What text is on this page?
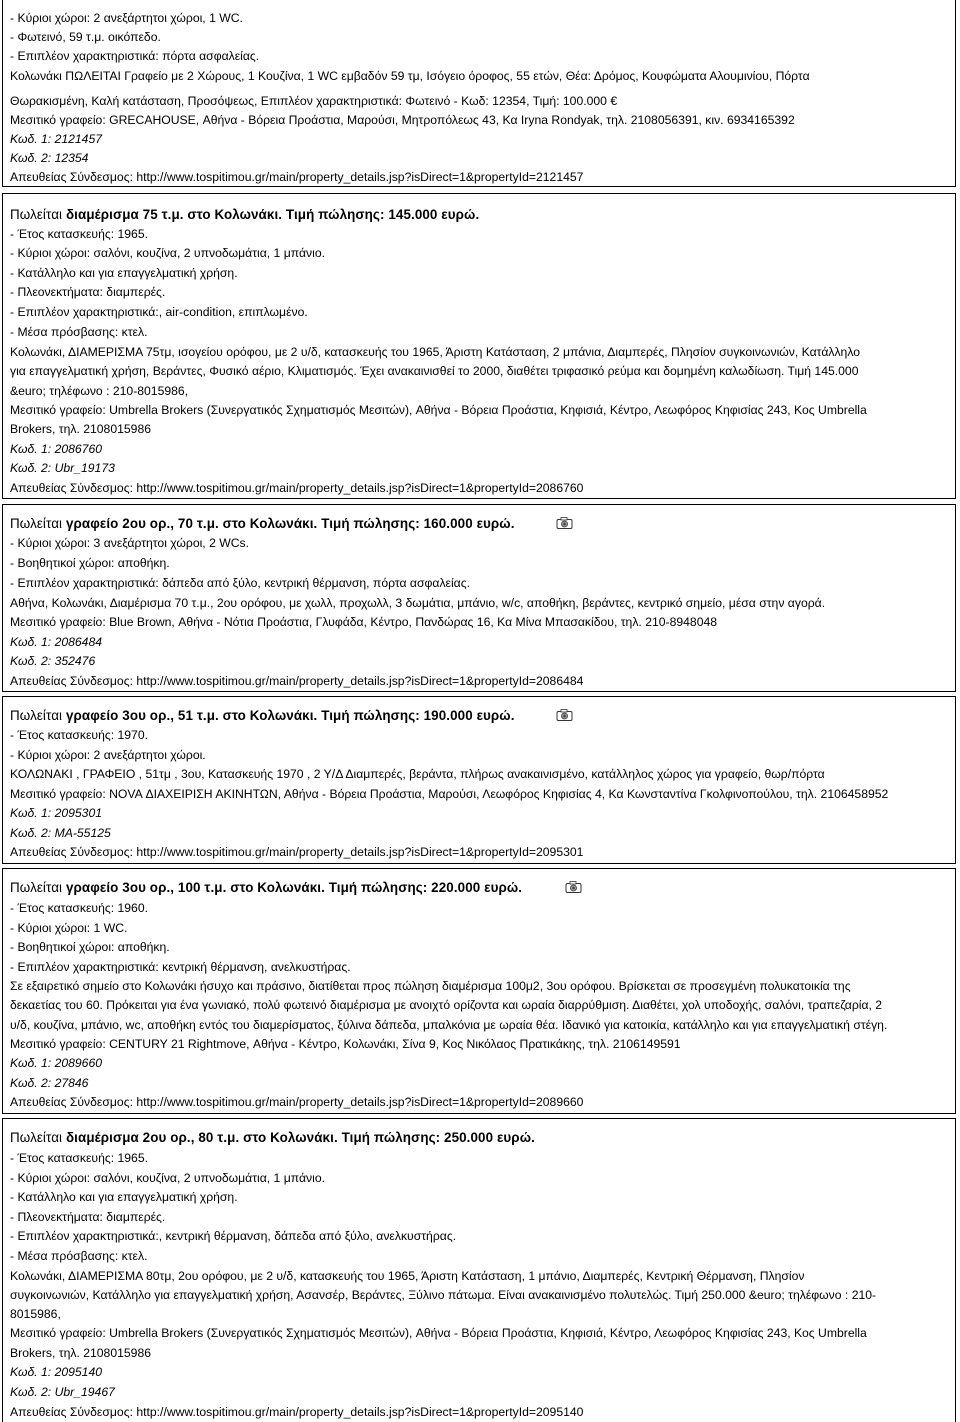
- Κύριοι χώροι: 2 ανεξάρτητοι χώροι, 1 WC.
- Φωτεινό, 59 τ.μ. οικόπεδο.
- Επιπλέον χαρακτηριστικά: πόρτα ασφαλείας.
Κολωνάκι ΠΩΛΕΙΤΑΙ Γραφείο με 2 Χώρους, 1 Κουζίνα, 1 WC εμβαδόν 59 τμ, Ισόγειο όροφος, 55 ετών, Θέα: Δρόμος, Κουφώματα Αλουμινίου, Πόρτα
Θωρακισμένη, Καλή κατάσταση, Προσόψεως, Επιπλέον χαρακτηριστικά: Φωτεινό - Κωδ: 12354, Τιμή: 100.000 €
Μεσιτικό γραφείο: GRECAHOUSE, Αθήνα - Βόρεια Προάστια, Μαρούσι, Μητροπόλεως 43, Κα Iryna Rondyak, τηλ. 2108056391, κιν. 6934165392
Κωδ. 1: 2121457
Κωδ. 2: 12354
Απευθείας Σύνδεσμος: http://www.tospitimou.gr/main/property_details.jsp?isDirect=1&propertyId=2121457
Πωλείται διαμέρισμα 75 τ.μ. στο Κολωνάκι. Τιμή πώλησης: 145.000 ευρώ.
- Έτος κατασκευής: 1965.
- Κύριοι χώροι: σαλόνι, κουζίνα, 2 υπνοδωμάτια, 1 μπάνιο.
- Κατάλληλο και για επαγγελματική χρήση.
- Πλεονεκτήματα: διαμπερές.
- Επιπλέον χαρακτηριστικά:, air-condition, επιπλωμένο.
- Μέσα πρόσβασης: κτελ.
Κολωνάκι, ΔΙΑΜΕΡΙΣΜΑ 75τμ, ισογείου ορόφου, με 2 υ/δ, κατασκευής του 1965, Άριστη Κατάσταση, 2 μπάνια, Διαμπερές, Πλησίον συγκοινωνιών, Κατάλληλο
για επαγγελματική χρήση, Βεράντες, Φυσικό αέριο, Κλιματισμός. Έχει ανακαινισθεί το 2000, διαθέτει τριφασικό ρεύμα και δομημένη καλωδίωση. Τιμή 145.000
&euro; τηλέφωνο : 210-8015986,
Μεσιτικό γραφείο: Umbrella Brokers (Συνεργατικός Σχηματισμός Μεσιτών), Αθήνα - Βόρεια Προάστια, Κηφισιά, Κέντρο, Λεωφόρος Κηφισίας 243, Κος Umbrella
Brokers, τηλ. 2108015986
Κωδ. 1: 2086760
Κωδ. 2: Ubr_19173
Απευθείας Σύνδεσμος: http://www.tospitimou.gr/main/property_details.jsp?isDirect=1&propertyId=2086760
Πωλείται γραφείο 2ου ορ., 70 τ.μ. στο Κολωνάκι. Τιμή πώλησης: 160.000 ευρώ.
- Κύριοι χώροι: 3 ανεξάρτητοι χώροι, 2 WCs.
- Βοηθητικοί χώροι: αποθήκη.
- Επιπλέον χαρακτηριστικά: δάπεδα από ξύλο, κεντρική θέρμανση, πόρτα ασφαλείας.
Αθήνα, Κολωνάκι, Διαμέρισμα 70 τ.μ., 2ου ορόφου, με χωλλ, προχωλλ, 3 δωμάτια, μπάνιο, w/c, αποθήκη, βεράντες, κεντρικό σημείο, μέσα στην αγορά.
Μεσιτικό γραφείο: Blue Brown, Αθήνα - Νότια Προάστια, Γλυφάδα, Κέντρο, Πανδώρας 16, Κα Μίνα Μπασακίδου, τηλ. 210-8948048
Κωδ. 1: 2086484
Κωδ. 2: 352476
Απευθείας Σύνδεσμος: http://www.tospitimou.gr/main/property_details.jsp?isDirect=1&propertyId=2086484
Πωλείται γραφείο 3ου ορ., 51 τ.μ. στο Κολωνάκι. Τιμή πώλησης: 190.000 ευρώ.
- Έτος κατασκευής: 1970.
- Κύριοι χώροι: 2 ανεξάρτητοι χώροι.
ΚΟΛΩΝΑΚΙ , ΓΡΑΦΕΙΟ , 51τμ , 3ου, Κατασκευής 1970 , 2 Υ/Δ Διαμπερές, βεράντα, πλήρως ανακαινισμένο, κατάλληλος χώρος για γραφείο, θωρ/πόρτα
Μεσιτικό γραφείο: NOVA ΔΙΑΧΕΙΡΙΣΗ ΑΚΙΝΗΤΩΝ, Αθήνα - Βόρεια Προάστια, Μαρούσι, Λεωφόρος Κηφισίας 4, Κα Κωνσταντίνα Γκολφινοπούλου, τηλ. 2106458952
Κωδ. 1: 2095301
Κωδ. 2: MA-55125
Απευθείας Σύνδεσμος: http://www.tospitimou.gr/main/property_details.jsp?isDirect=1&propertyId=2095301
Πωλείται γραφείο 3ου ορ., 100 τ.μ. στο Κολωνάκι. Τιμή πώλησης: 220.000 ευρώ.
- Έτος κατασκευής: 1960.
- Κύριοι χώροι: 1 WC.
- Βοηθητικοί χώροι: αποθήκη.
- Επιπλέον χαρακτηριστικά: κεντρική θέρμανση, ανελκυστήρας.
Σε εξαιρετικό σημείο στο Κολωνάκι ήσυχο και πράσινο, διατίθεται προς πώληση διαμέρισμα 100μ2, 3ου ορόφου. Βρίσκεται σε προσεγμένη πολυκατοικία της
δεκαετίας του 60. Πρόκειται για ένα γωνιακό, πολύ φωτεινό διαμέρισμα με ανοιχτό ορίζοντα και ωραία διαρρύθμιση. Διαθέτει, χολ υποδοχής, σαλόνι, τραπεζαρία, 2
υ/δ, κουζίνα, μπάνιο, wc, αποθήκη εντός του διαμερίσματος, ξύλινα δάπεδα, μπαλκόνια με ωραία θέα. Ιδανικό για κατοικία, κατάλληλο και για επαγγελματική στέγη.
Μεσιτικό γραφείο: CENTURY 21 Rightmove, Αθήνα - Κέντρο, Κολωνάκι, Σίνα 9, Κος Νικόλαος Πρατικάκης, τηλ. 2106149591
Κωδ. 1: 2089660
Κωδ. 2: 27846
Απευθείας Σύνδεσμος: http://www.tospitimou.gr/main/property_details.jsp?isDirect=1&propertyId=2089660
Πωλείται διαμέρισμα 2ου ορ., 80 τ.μ. στο Κολωνάκι. Τιμή πώλησης: 250.000 ευρώ.
- Έτος κατασκευής: 1965.
- Κύριοι χώροι: σαλόνι, κουζίνα, 2 υπνοδωμάτια, 1 μπάνιο.
- Κατάλληλο και για επαγγελματική χρήση.
- Πλεονεκτήματα: διαμπερές.
- Επιπλέον χαρακτηριστικά:, κεντρική θέρμανση, δάπεδα από ξύλο, ανελκυστήρας.
- Μέσα πρόσβασης: κτελ.
Κολωνάκι, ΔΙΑΜΕΡΙΣΜΑ 80τμ, 2ου ορόφου, με 2 υ/δ, κατασκευής του 1965, Άριστη Κατάσταση, 1 μπάνιο, Διαμπερές, Κεντρική Θέρμανση, Πλησίον
συγκοινωνιών, Κατάλληλο για επαγγελματική χρήση, Ασανσέρ, Βεράντες, Ξύλινο πάτωμα. Είναι ανακαινισμένο πολυτελώς. Τιμή 250.000 &euro; τηλέφωνο : 210-
8015986,
Μεσιτικό γραφείο: Umbrella Brokers (Συνεργατικός Σχηματισμός Μεσιτών), Αθήνα - Βόρεια Προάστια, Κηφισιά, Κέντρο, Λεωφόρος Κηφισίας 243, Κος Umbrella
Brokers, τηλ. 2108015986
Κωδ. 1: 2095140
Κωδ. 2: Ubr_19467
Απευθείας Σύνδεσμος: http://www.tospitimou.gr/main/property_details.jsp?isDirect=1&propertyId=2095140
